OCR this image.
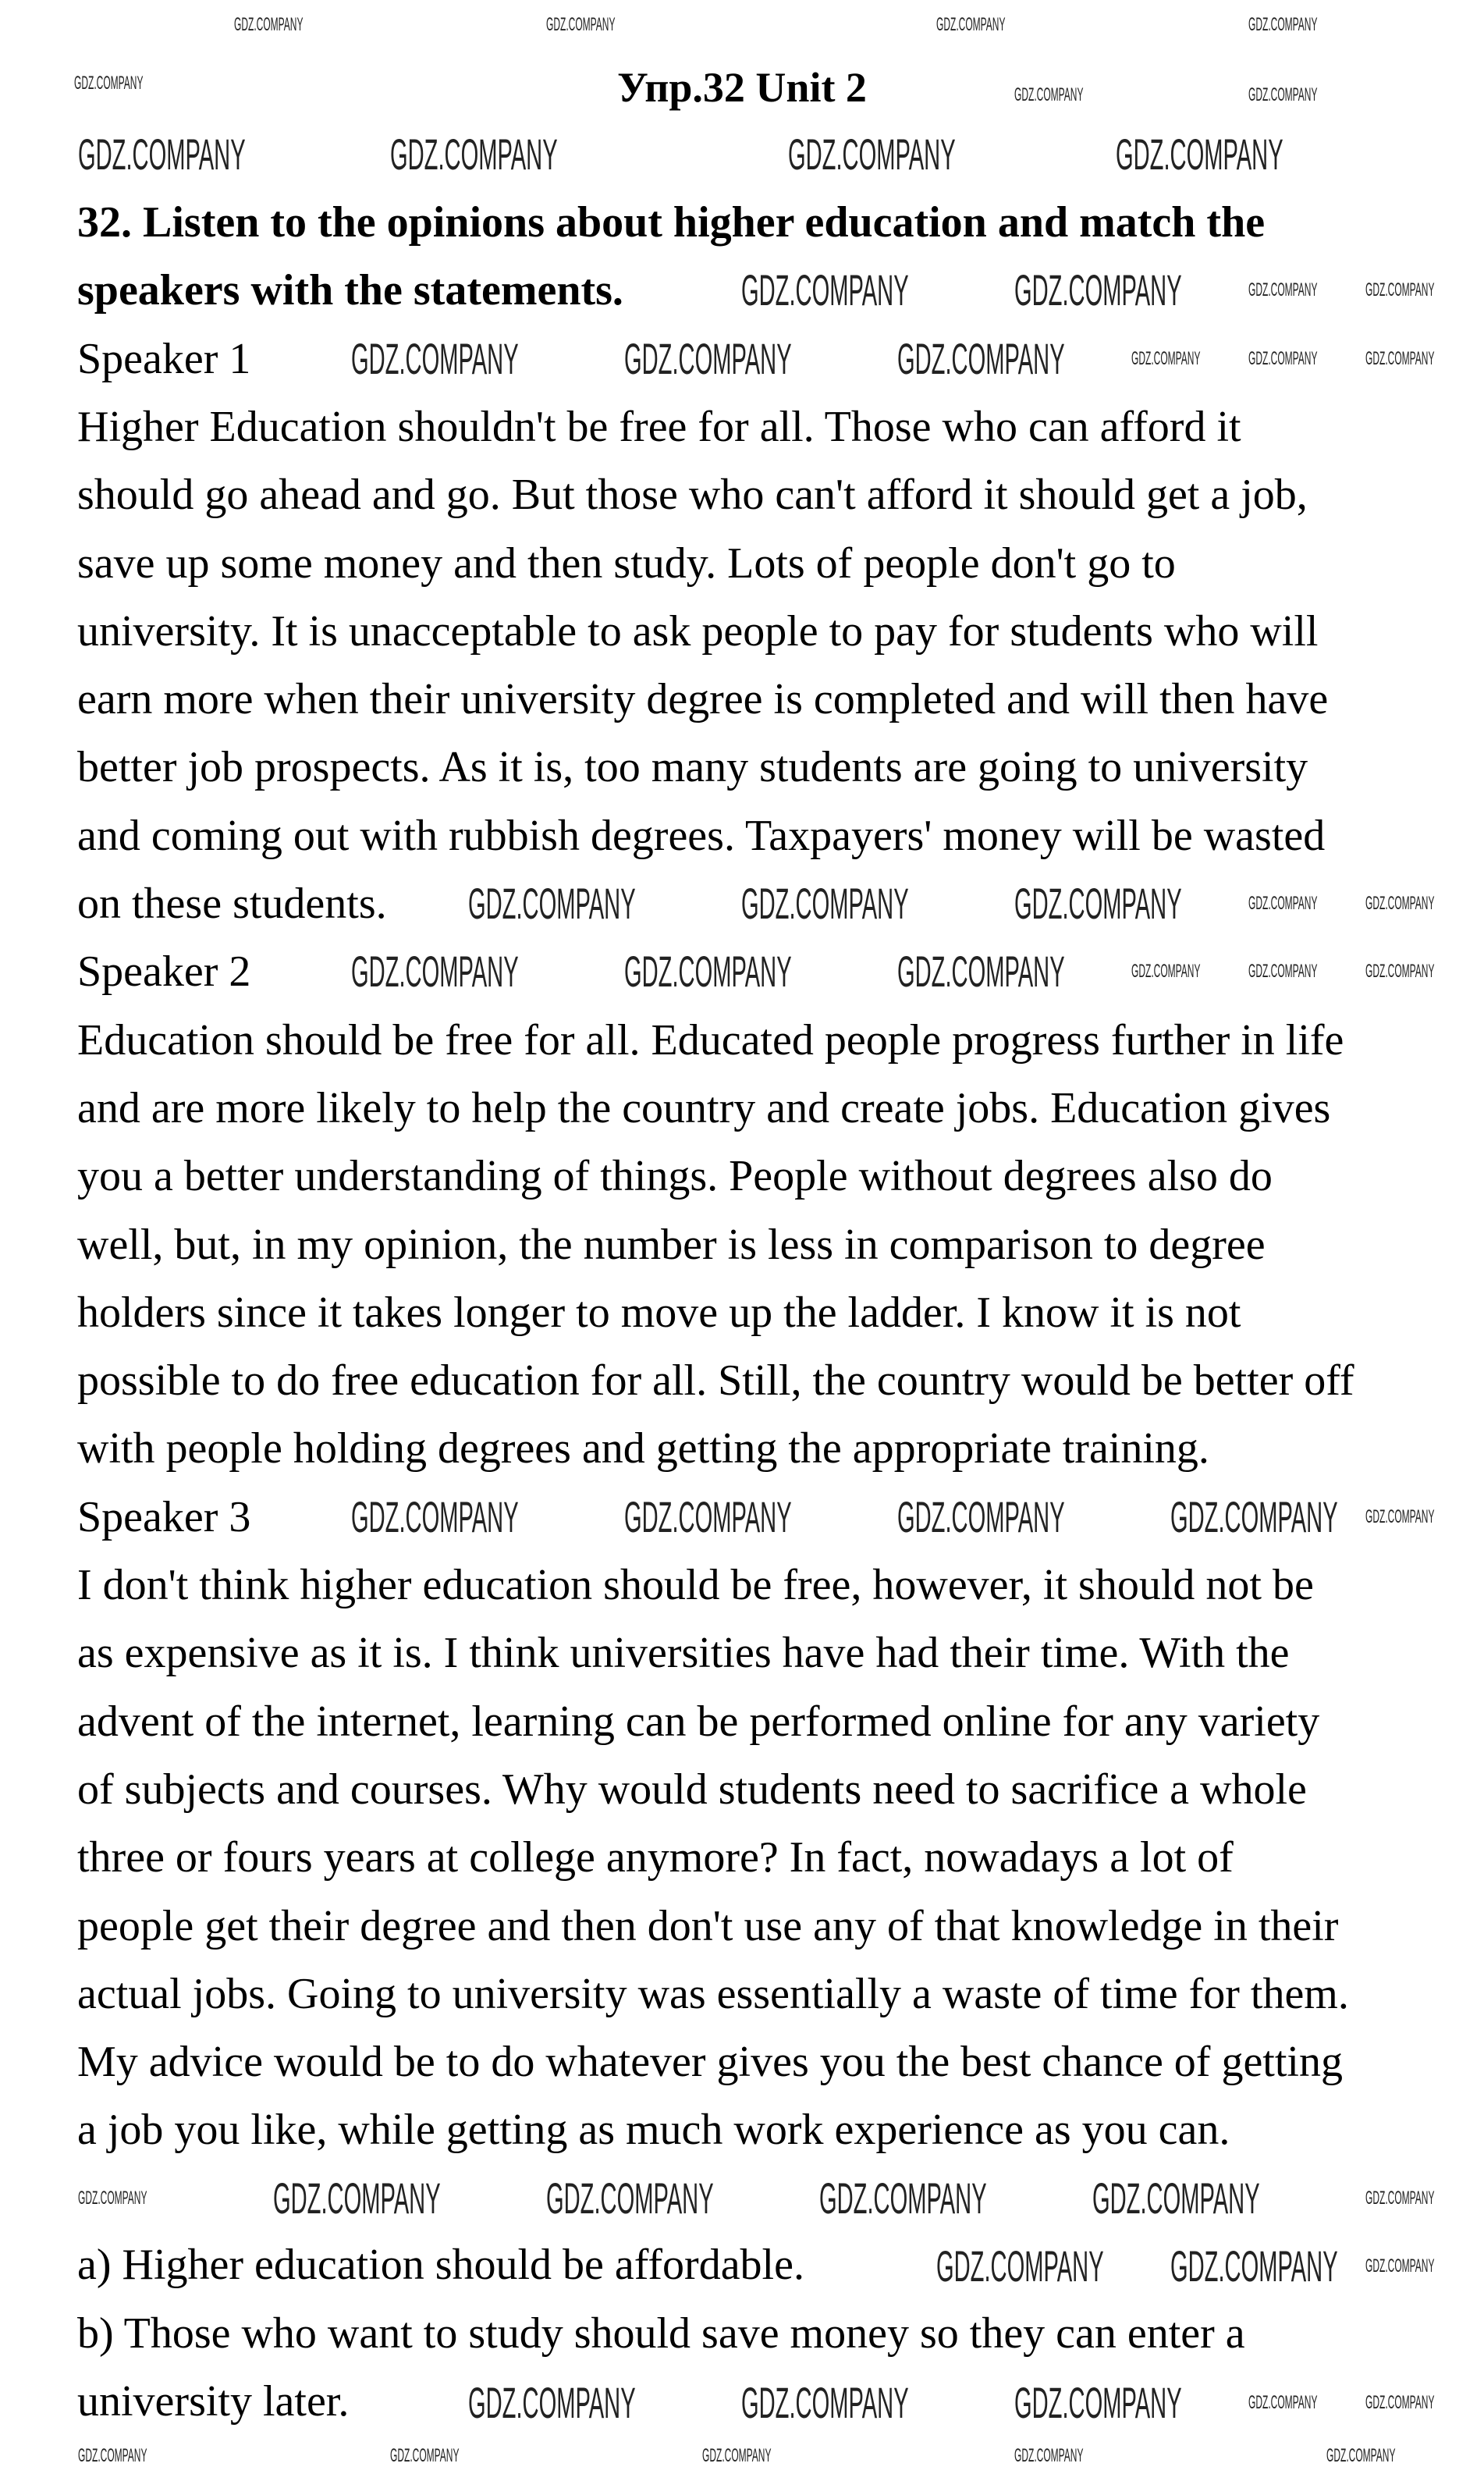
Упр.32 Unit 2
32. Listen to the opinions about higher education and match the
speakers with the statements.
Speaker 1
Higher Education shouldn't be free for all. Those who can afford it
should go ahead and go. But those who can't afford it should get a job,
save up some money and then study. Lots of people don't go to
university. It is unacceptable to ask people to pay for students who will
earn more when their university degree is completed and will then have
better job prospects. As it is, too many students are going to university
and coming out with rubbish degrees. Taxpayers' money will be wasted
on these students.
Speaker 2
Education should be free for all. Educated people progress further in life
and are more likely to help the country and create jobs. Education gives
you a better understanding of things. People without degrees also do
well, but, in my opinion, the number is less in comparison to degree
holders since it takes longer to move up the ladder. I know it is not
possible to do free education for all. Still, the country would be better off
with people holding degrees and getting the appropriate training.
Speaker 3
I don't think higher education should be free, however, it should not be
as expensive as it is. I think universities have had their time. With the
advent of the internet, learning can be performed online for any variety
of subjects and courses. Why would students need to sacrifice a whole
three or fours years at college anymore? In fact, nowadays a lot of
people get their degree and then don't use any of that knowledge in their
actual jobs. Going to university was essentially a waste of time for them.
My advice would be to do whatever gives you the best chance of getting
a job you like, while getting as much work experience as you can.
a) Higher education should be affordable.
b) Those who want to study should save money so they can enter a
university later.
GDZ.COMPANY	GDZ.COMPANY	GDZ.COMPANY	GDZ.COMPANY
GDZ.COMPANY
GDZ.COMPANY	GDZ.COMPANY
GDZ.COMPANY	GDZ.COMPANY	GDZ.COMPANY	GDZ.COMPANY
GDZ.COMPANY GDZ.COMPANY	GDZ.COMPANY	GDZ.COMPANY
GDZ.COMPANY GDZ.COMPANY GDZ.COMPANY	GDZ.COMPANY	GDZ.COMPANY	GDZ.COMPANY
GDZ.COMPANY GDZ.COMPANY GDZ.COMPANY	GDZ.COMPANY	GDZ.COMPANY
GDZ.COMPANY GDZ.COMPANY GDZ.COMPANY	GDZ.COMPANY	GDZ.COMPANY	GDZ.COMPANY
GDZ.COMPANY GDZ.COMPANY GDZ.COMPANY GDZ.COMPANY GDZ.COMPANY
GDZ.COMPANY GDZ.COMPANY GDZ.COMPANY GDZ.COMPANY
GDZ.COMPANY	GDZ.COMPANY
GDZ.COMPANY GDZ.COMPANY GDZ.COMPANY
GDZ.COMPANY GDZ.COMPANY GDZ.COMPANY	GDZ.COMPANY	GDZ.COMPANY
GDZ.COMPANY	GDZ.COMPANY	GDZ.COMPANY	GDZ.COMPANY	GDZ.COMPANY
